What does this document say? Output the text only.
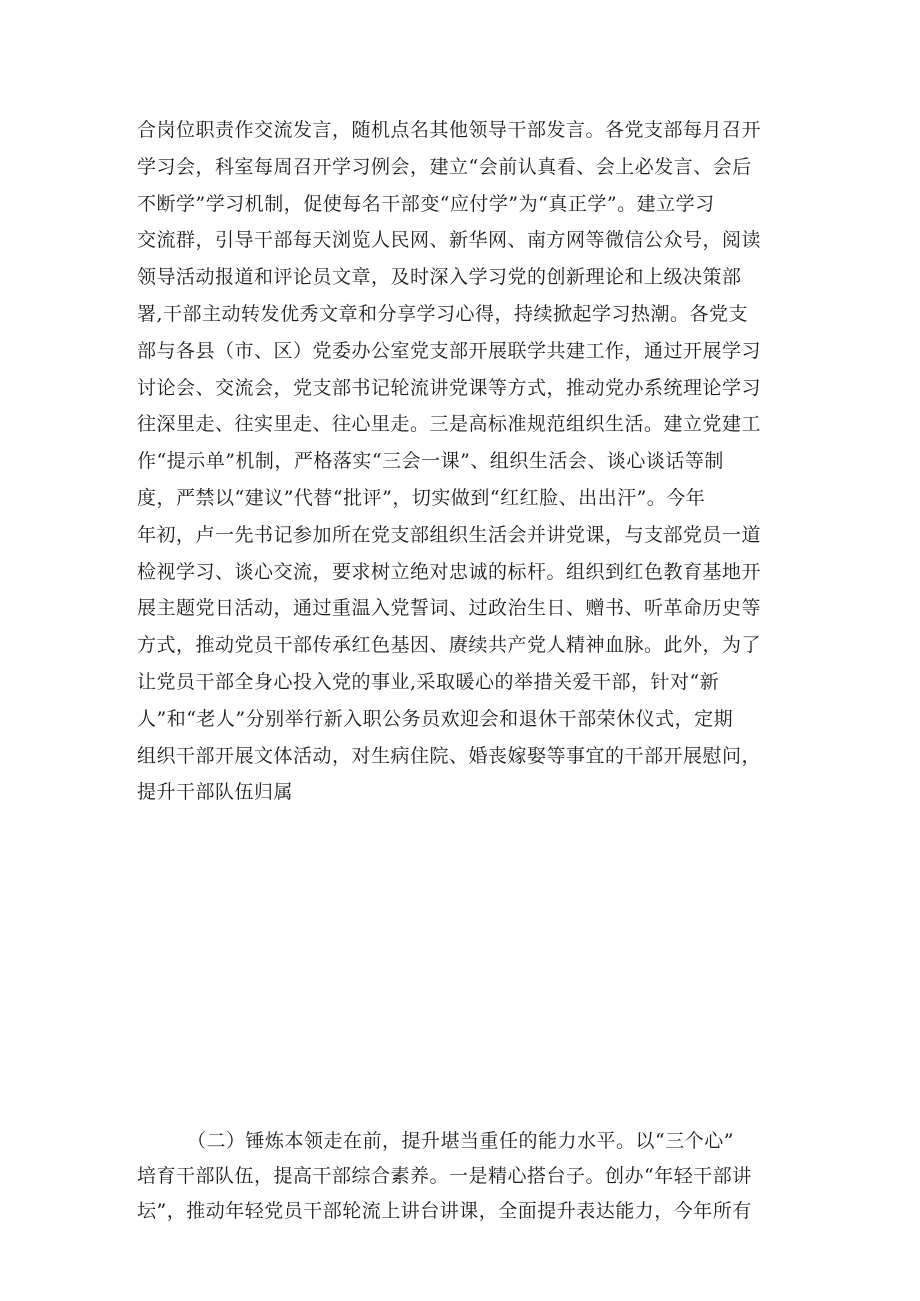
合岗位职责作交流发言，随机点名其他领导干部发言。各党支部每月召开
学习会，科室每周召开学习例会，建立“会前认真看、会上必发言、会后
不断学”学习机制，促使每名干部变“应付学”为“真正学”。建立学习
交流群，引导干部每天浏览人民网、新华网、南方网等微信公众号，阅读
领导活动报道和评论员文章，及时深入学习党的创新理论和上级决策部
署,干部主动转发优秀文章和分享学习心得，持续掀起学习热潮。各党支
部与各县（市、区）党委办公室党支部开展联学共建工作，通过开展学习
讨论会、交流会，党支部书记轮流讲党课等方式，推动党办系统理论学习
往深里走、往实里走、往心里走。三是高标准规范组织生活。建立党建工
作“提示单”机制，严格落实“三会一课”、组织生活会、谈心谈话等制
度，严禁以“建议”代替“批评”，切实做到“红红脸、出出汗”。今年
年初，卢一先书记参加所在党支部组织生活会并讲党课，与支部党员一道
检视学习、谈心交流，要求树立绝对忠诚的标杆。组织到红色教育基地开
展主题党日活动，通过重温入党誓词、过政治生日、赠书、听革命历史等
方式，推动党员干部传承红色基因、赓续共产党人精神血脉。此外，为了
让党员干部全身心投入党的事业,采取暖心的举措关爱干部，针对“新
人”和“老人”分别举行新入职公务员欢迎会和退休干部荣休仪式，定期
组织干部开展文体活动，对生病住院、婚丧嫁娶等事宜的干部开展慰问，
提升干部队伍归属
（二）锤炼本领走在前，提升堪当重任的能力水平。以“三个心”
培育干部队伍，提高干部综合素养。一是精心搭台子。创办“年轻干部讲
坛”，推动年轻党员干部轮流上讲台讲课，全面提升表达能力，今年所有
